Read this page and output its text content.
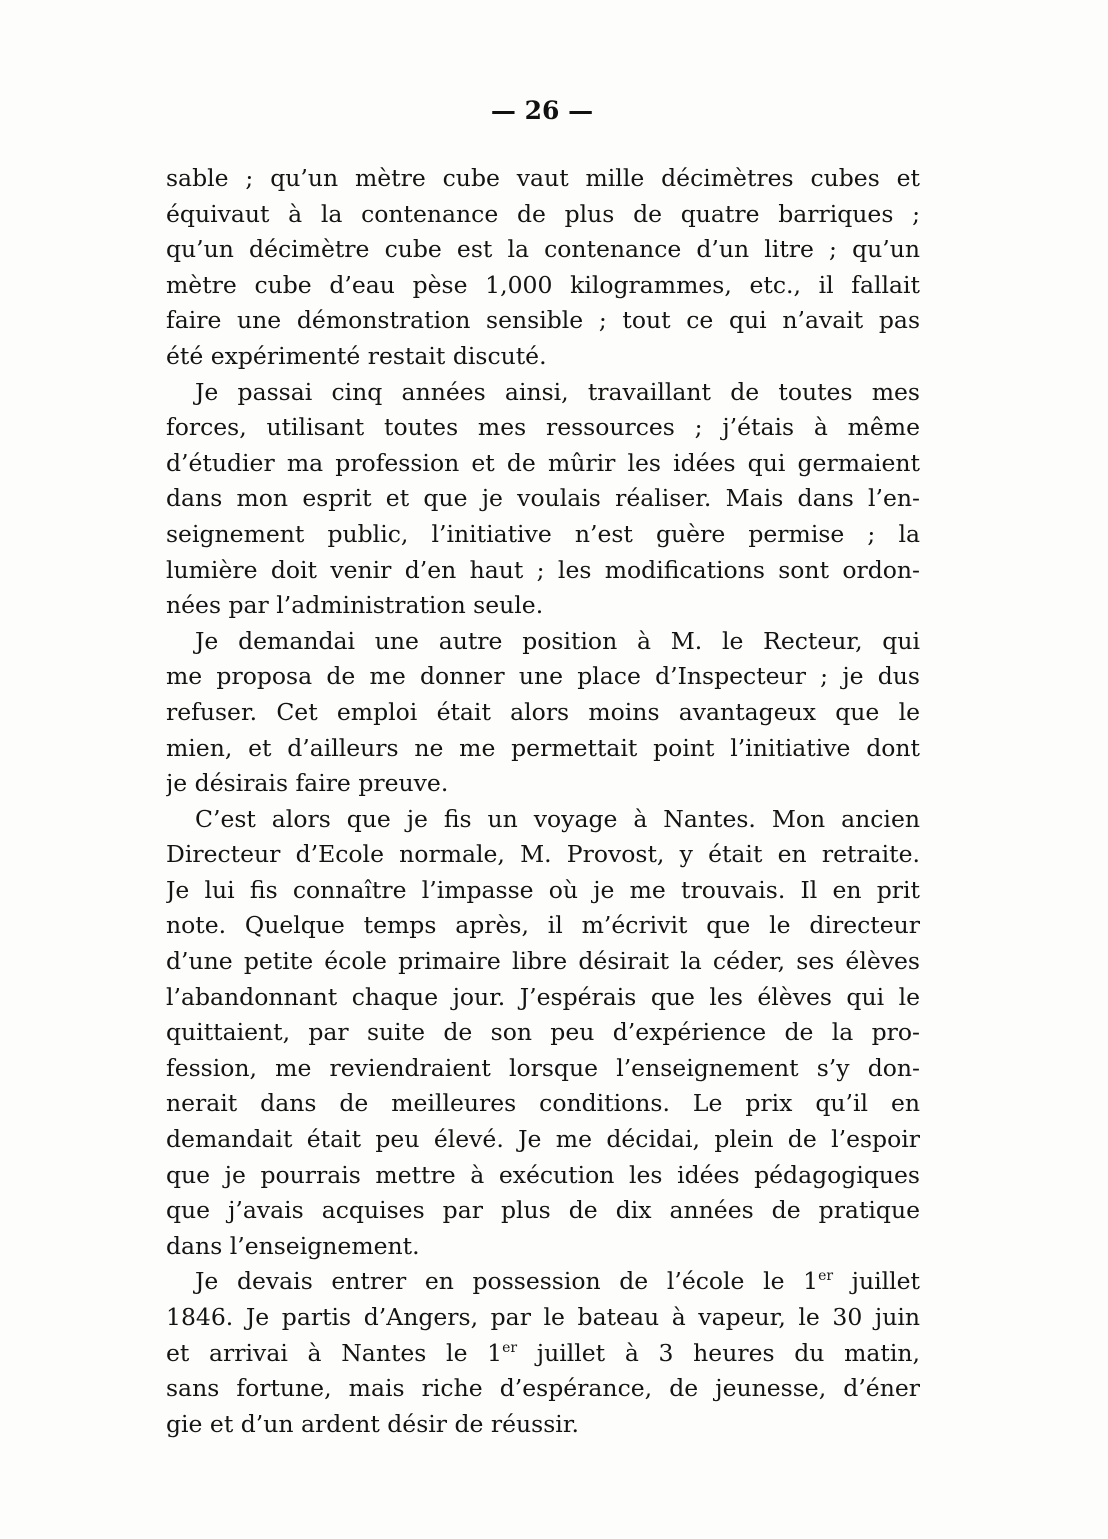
— 26 —
sable ; qu’un mètre cube vaut mille décimètres cubes et
équivaut à la contenance de plus de quatre barriques ;
qu’un décimètre cube est la contenance d’un litre ; qu’un
mètre cube d’eau pèse 1,000 kilogrammes, etc., il fallait
faire une démonstration sensible ; tout ce qui n’avait pas
été expérimenté restait discuté.
Je passai cinq années ainsi, travaillant de toutes mes
forces, utilisant toutes mes ressources ; j’étais à même
d’étudier ma profession et de mûrir les idées qui germaient
dans mon esprit et que je voulais réaliser. Mais dans l’en-
seignement public, l’initiative n’est guère permise ; la
lumière doit venir d’en haut ; les modifications sont ordon-
nées par l’administration seule.
Je demandai une autre position à M. le Recteur, qui
me proposa de me donner une place d’Inspecteur ; je dus
refuser. Cet emploi était alors moins avantageux que le
mien, et d’ailleurs ne me permettait point l’initiative dont
je désirais faire preuve.
C’est alors que je fis un voyage à Nantes. Mon ancien
Directeur d’Ecole normale, M. Provost, y était en retraite.
Je lui fis connaître l’impasse où je me trouvais. Il en prit
note. Quelque temps après, il m’écrivit que le directeur
d’une petite école primaire libre désirait la céder, ses élèves
l’abandonnant chaque jour. J’espérais que les élèves qui le
quittaient, par suite de son peu d’expérience de la pro-
fession, me reviendraient lorsque l’enseignement s’y don-
nerait dans de meilleures conditions. Le prix qu’il en
demandait était peu élevé. Je me décidai, plein de l’espoir
que je pourrais mettre à exécution les idées pédagogiques
que j’avais acquises par plus de dix années de pratique
dans l’enseignement.
Je devais entrer en possession de l’école le 1er juillet
1846. Je partis d’Angers, par le bateau à vapeur, le 30 juin
et arrivai à Nantes le 1er juillet à 3 heures du matin,
sans fortune, mais riche d’espérance, de jeunesse, d’éner
gie et d’un ardent désir de réussir.
